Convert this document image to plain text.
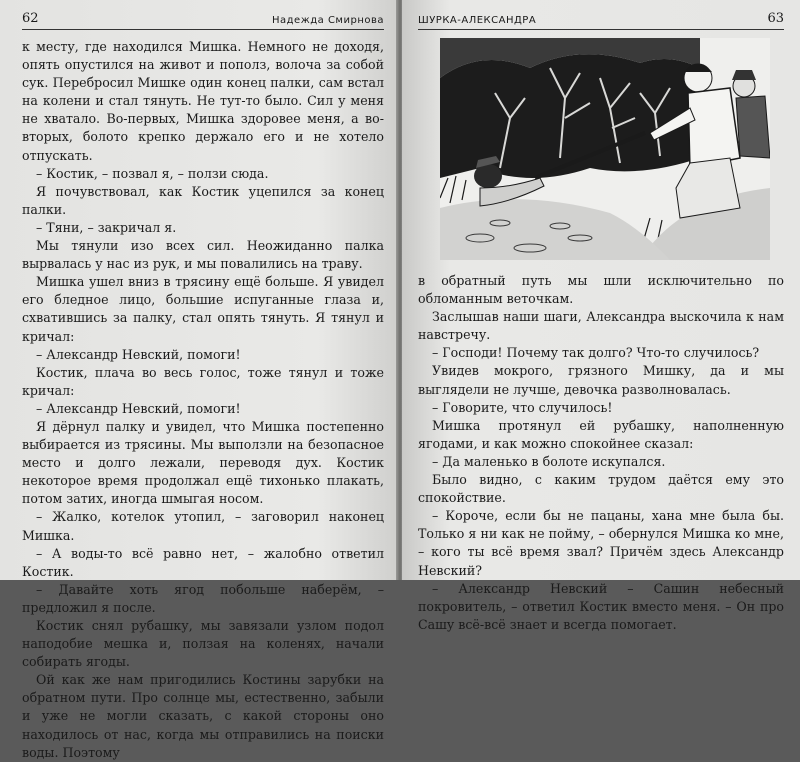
62	Надежда Смирнова

к месту, где находился Мишка. Немного не доходя, опять опустился на живот и пополз, волоча за собой сук. Перебросил Мишке один конец палки, сам встал на колени и стал тянуть. Не тут-то было. Сил у меня не хватало. Во-первых, Мишка здоровее меня, а во-вторых, болото крепко держало его и не хотело отпускать.

– Костик, – позвал я, – ползи сюда.

Я почувствовал, как Костик уцепился за конец палки.

– Тяни, – закричал я.

Мы тянули изо всех сил. Неожиданно палка вырвалась у нас из рук, и мы повалились на траву.

Мишка ушел вниз в трясину ещё больше. Я увидел его бледное лицо, большие испуганные глаза и, схватившись за палку, стал опять тянуть. Я тянул и кричал:

– Александр Невский, помоги!

Костик, плача во весь голос, тоже тянул и тоже кричал:

– Александр Невский, помоги!

Я дёрнул палку и увидел, что Мишка постепенно выбирается из трясины. Мы выползли на безопасное место и долго лежали, переводя дух. Костик некоторое время продолжал ещё тихонько плакать, потом затих, иногда шмыгая носом.

– Жалко, котелок утопил, – заговорил наконец Мишка.

– А воды-то всё равно нет, – жалобно ответил Костик.

– Давайте хоть ягод побольше наберём, – предложил я после.

Костик снял рубашку, мы завязали узлом подол наподобие мешка и, ползая на коленях, начали собирать ягоды.

Ой как же нам пригодились Костины зарубки на обратном пути. Про солнце мы, естественно, забыли и уже не могли сказать, с какой стороны оно находилось от нас, когда мы отправились на поиски воды. Поэтому

ШУРКА-АЛЕКСАНДРА	63

в обратный путь мы шли исключительно по обломанным веточкам.

Заслышав наши шаги, Александра выскочила к нам навстречу.

– Господи! Почему так долго? Что-то случилось?

Увидев мокрого, грязного Мишку, да и мы выглядели не лучше, девочка разволновалась.

– Говорите, что случилось!

Мишка протянул ей рубашку, наполненную ягодами, и как можно спокойнее сказал:

– Да маленько в болоте искупался.

Было видно, с каким трудом даётся ему это спокойствие.

– Короче, если бы не пацаны, хана мне была бы. Только я ни как не пойму, – обернулся Мишка ко мне, – кого ты всё время звал? Причём здесь Александр Невский?

– Александр Невский – Сашин небесный покровитель, – ответил Костик вместо меня. – Он про Сашу всё-всё знает и всегда помогает.
